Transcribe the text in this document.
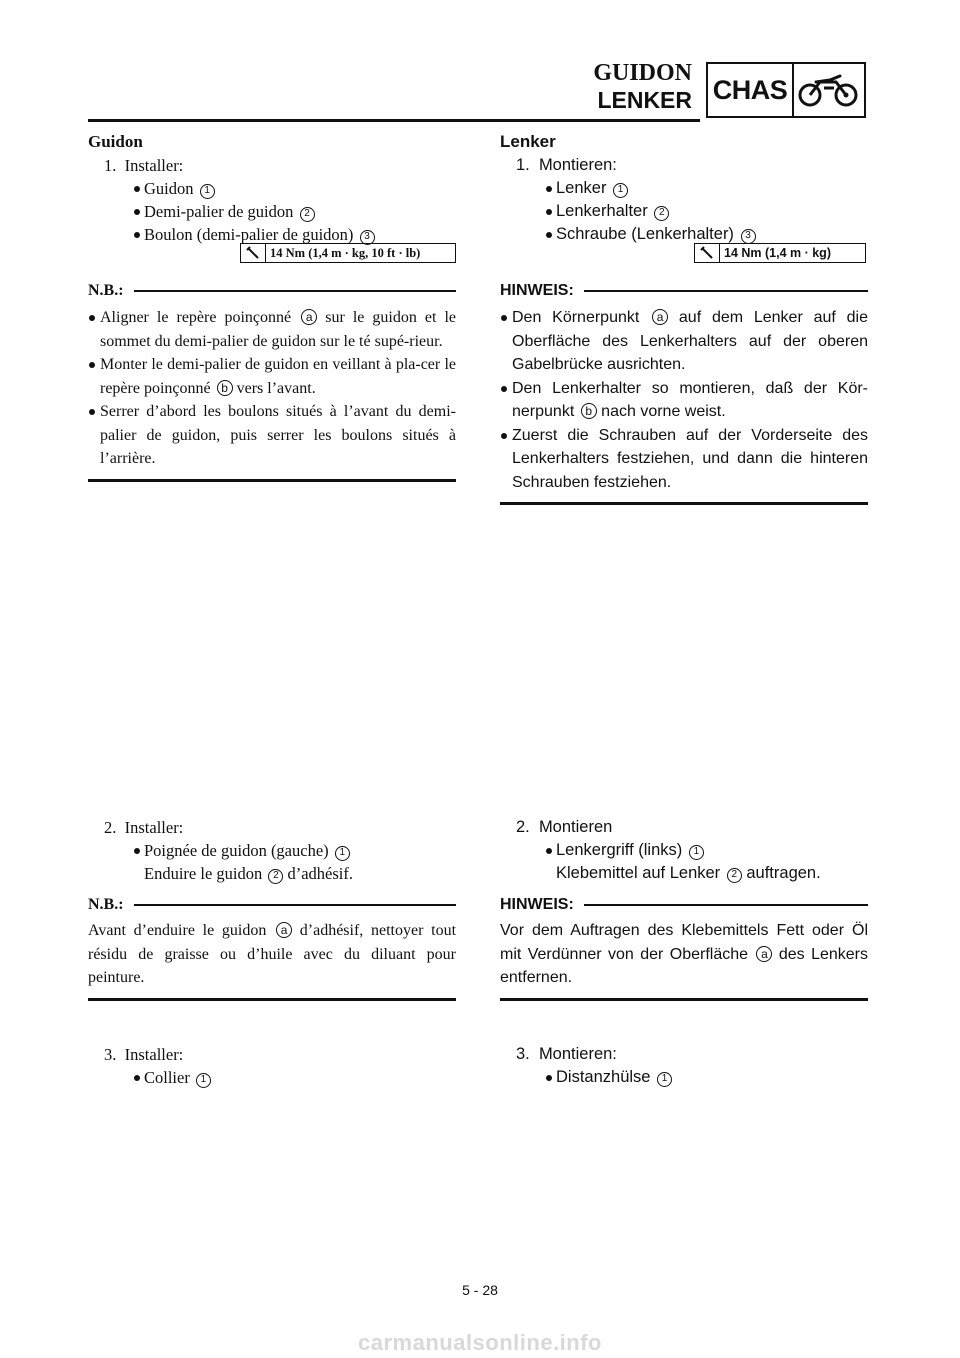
GUIDON
LENKER CHAS
Guidon
1. Installer:
Guidon 1
Demi-palier de guidon 2
Boulon (demi-palier de guidon) 3
14 Nm (1,4 m · kg, 10 ft · lb)
N.B.:
Aligner le repère poinçonné a sur le guidon et le sommet du demi-palier de guidon sur le té supé-rieur.
Monter le demi-palier de guidon en veillant à pla-cer le repère poinçonné b vers l’avant.
Serrer d’abord les boulons situés à l’avant du demi-palier de guidon, puis serrer les boulons situés à l’arrière.
2. Installer:
Poignée de guidon (gauche) 1
Enduire le guidon 2 d’adhésif.
N.B.:
Avant d’enduire le guidon a d’adhésif, nettoyer tout résidu de graisse ou d’huile avec du diluant pour peinture.
3. Installer:
Collier 1
Lenker
1. Montieren:
Lenker 1
Lenkerhalter 2
Schraube (Lenkerhalter) 3
14 Nm (1,4 m · kg)
HINWEIS:
Den Körnerpunkt a auf dem Lenker auf die Oberfläche des Lenkerhalters auf der oberen Gabelbrücke ausrichten.
Den Lenkerhalter so montieren, daß der Kör-nerpunkt b nach vorne weist.
Zuerst die Schrauben auf der Vorderseite des Lenkerhalters festziehen, und dann die hinteren Schrauben festziehen.
2. Montieren
Lenkergriff (links) 1
Klebemittel auf Lenker 2 auftragen.
HINWEIS:
Vor dem Auftragen des Klebemittels Fett oder Öl mit Verdünner von der Oberfläche a des Lenkers entfernen.
3. Montieren:
Distanzhülse 1
5 - 28
carmanualsonline.info
